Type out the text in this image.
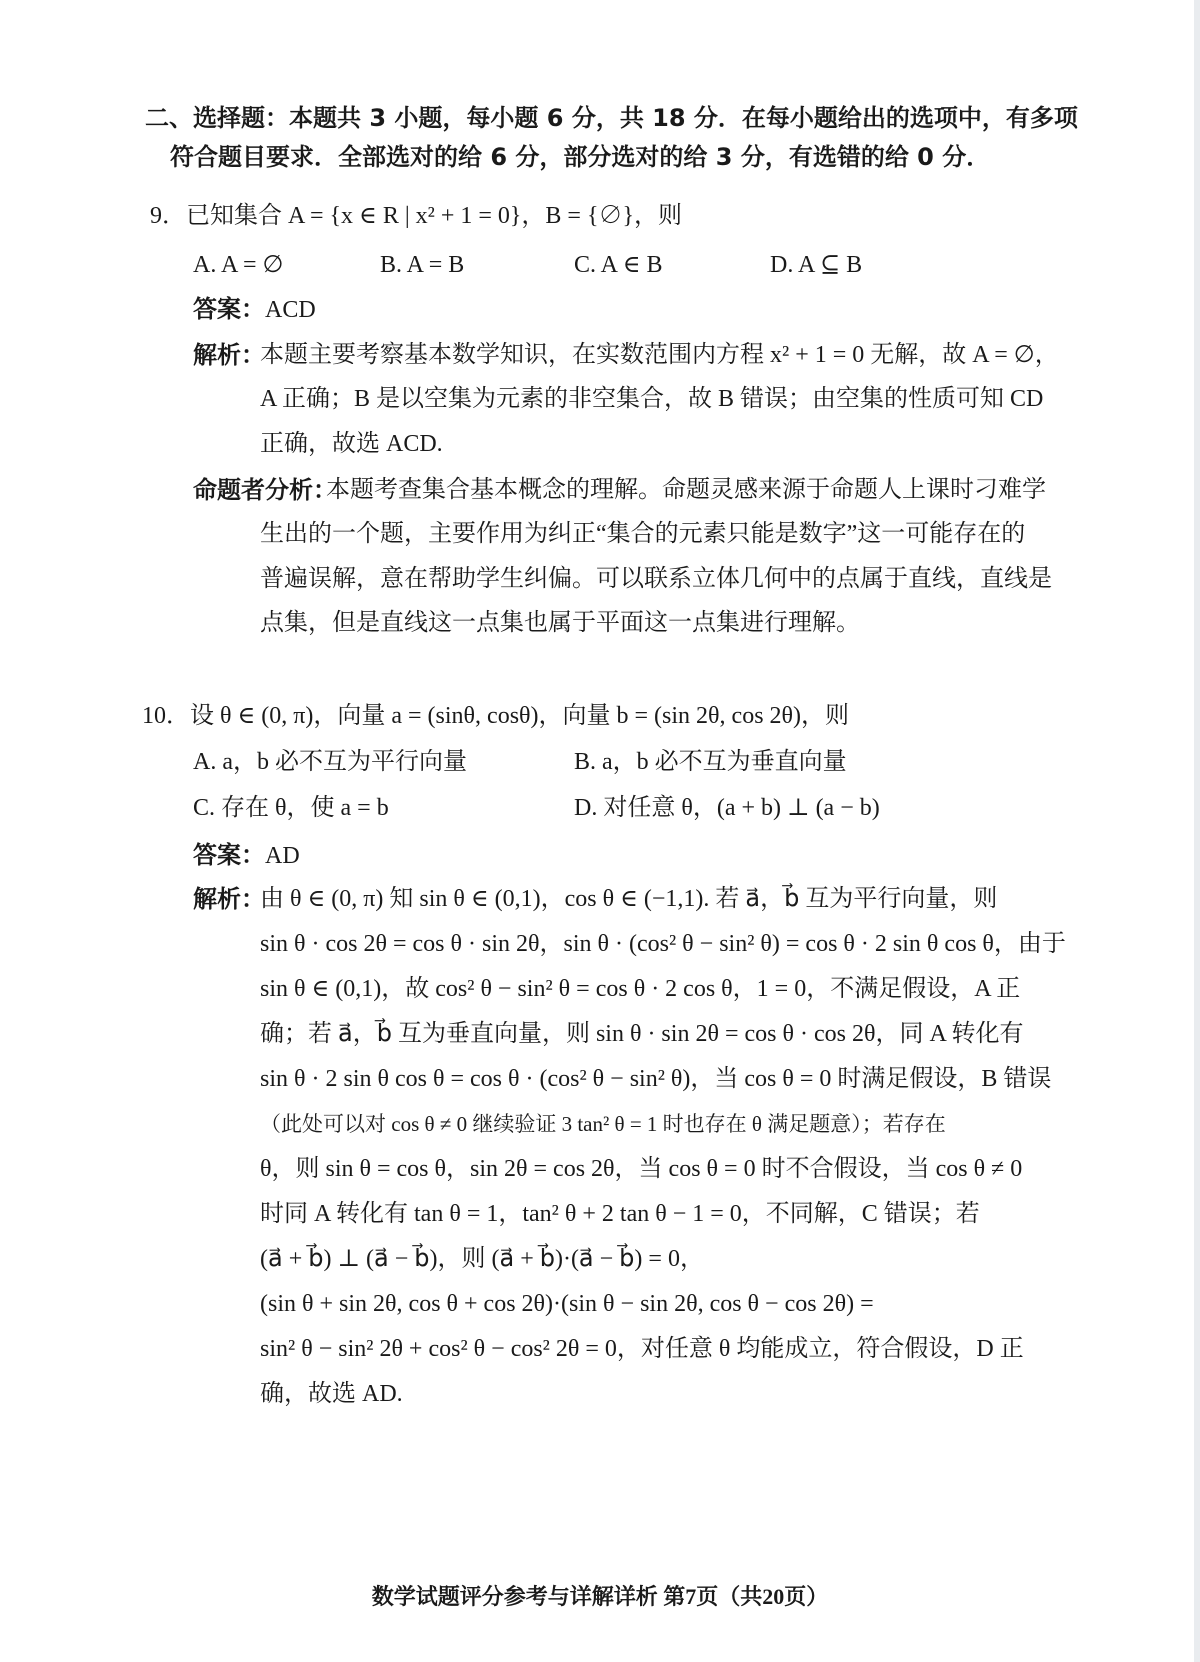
二、选择题：本题共 3 小题，每小题 6 分，共 18 分．在每小题给出的选项中，有多项
符合题目要求．全部选对的给 6 分，部分选对的给 3 分，有选错的给 0 分．
9．已知集合 A = {x ∈ R | x² + 1 = 0}，B = {∅}，则
A. A = ∅	B. A = B	C. A ∈ B	D. A ⊆ B
答案：ACD
解析：
本题主要考察基本数学知识，在实数范围内方程 x² + 1 = 0 无解，故 A = ∅，
A 正确；B 是以空集为元素的非空集合，故 B 错误；由空集的性质可知 CD
正确，故选 ACD.
命题者分析：
本题考查集合基本概念的理解。命题灵感来源于命题人上课时刁难学
生出的一个题，主要作用为纠正“集合的元素只能是数字”这一可能存在的
普遍误解，意在帮助学生纠偏。可以联系立体几何中的点属于直线，直线是
点集，但是直线这一点集也属于平面这一点集进行理解。
10．设 θ ∈ (0, π)，向量 a = (sinθ, cosθ)，向量 b = (sin 2θ, cos 2θ)，则
A. a，b 必不互为平行向量	B. a，b 必不互为垂直向量
C. 存在 θ，使 a = b	D. 对任意 θ，(a + b) ⊥ (a − b)
答案：AD
解析：
由 θ ∈ (0, π) 知 sin θ ∈ (0,1)，cos θ ∈ (−1,1). 若 a⃗，b⃗ 互为平行向量，则
sin θ · cos 2θ = cos θ · sin 2θ，sin θ · (cos² θ − sin² θ) = cos θ · 2 sin θ cos θ，由于
sin θ ∈ (0,1)，故 cos² θ − sin² θ = cos θ · 2 cos θ，1 = 0，不满足假设，A 正
确；若 a⃗，b⃗ 互为垂直向量，则 sin θ · sin 2θ = cos θ · cos 2θ，同 A 转化有
sin θ · 2 sin θ cos θ = cos θ · (cos² θ − sin² θ)，当 cos θ = 0 时满足假设，B 错误
（此处可以对 cos θ ≠ 0 继续验证 3 tan² θ = 1 时也存在 θ 满足题意）；若存在
θ，则 sin θ = cos θ，sin 2θ = cos 2θ，当 cos θ = 0 时不合假设，当 cos θ ≠ 0
时同 A 转化有 tan θ = 1，tan² θ + 2 tan θ − 1 = 0，不同解，C 错误；若
(a⃗ + b⃗) ⊥ (a⃗ − b⃗)，则 (a⃗ + b⃗)·(a⃗ − b⃗) = 0，
(sin θ + sin 2θ, cos θ + cos 2θ)·(sin θ − sin 2θ, cos θ − cos 2θ) =
sin² θ − sin² 2θ + cos² θ − cos² 2θ = 0，对任意 θ 均能成立，符合假设，D 正
确，故选 AD.
数学试题评分参考与详解详析 第7页（共20页）
